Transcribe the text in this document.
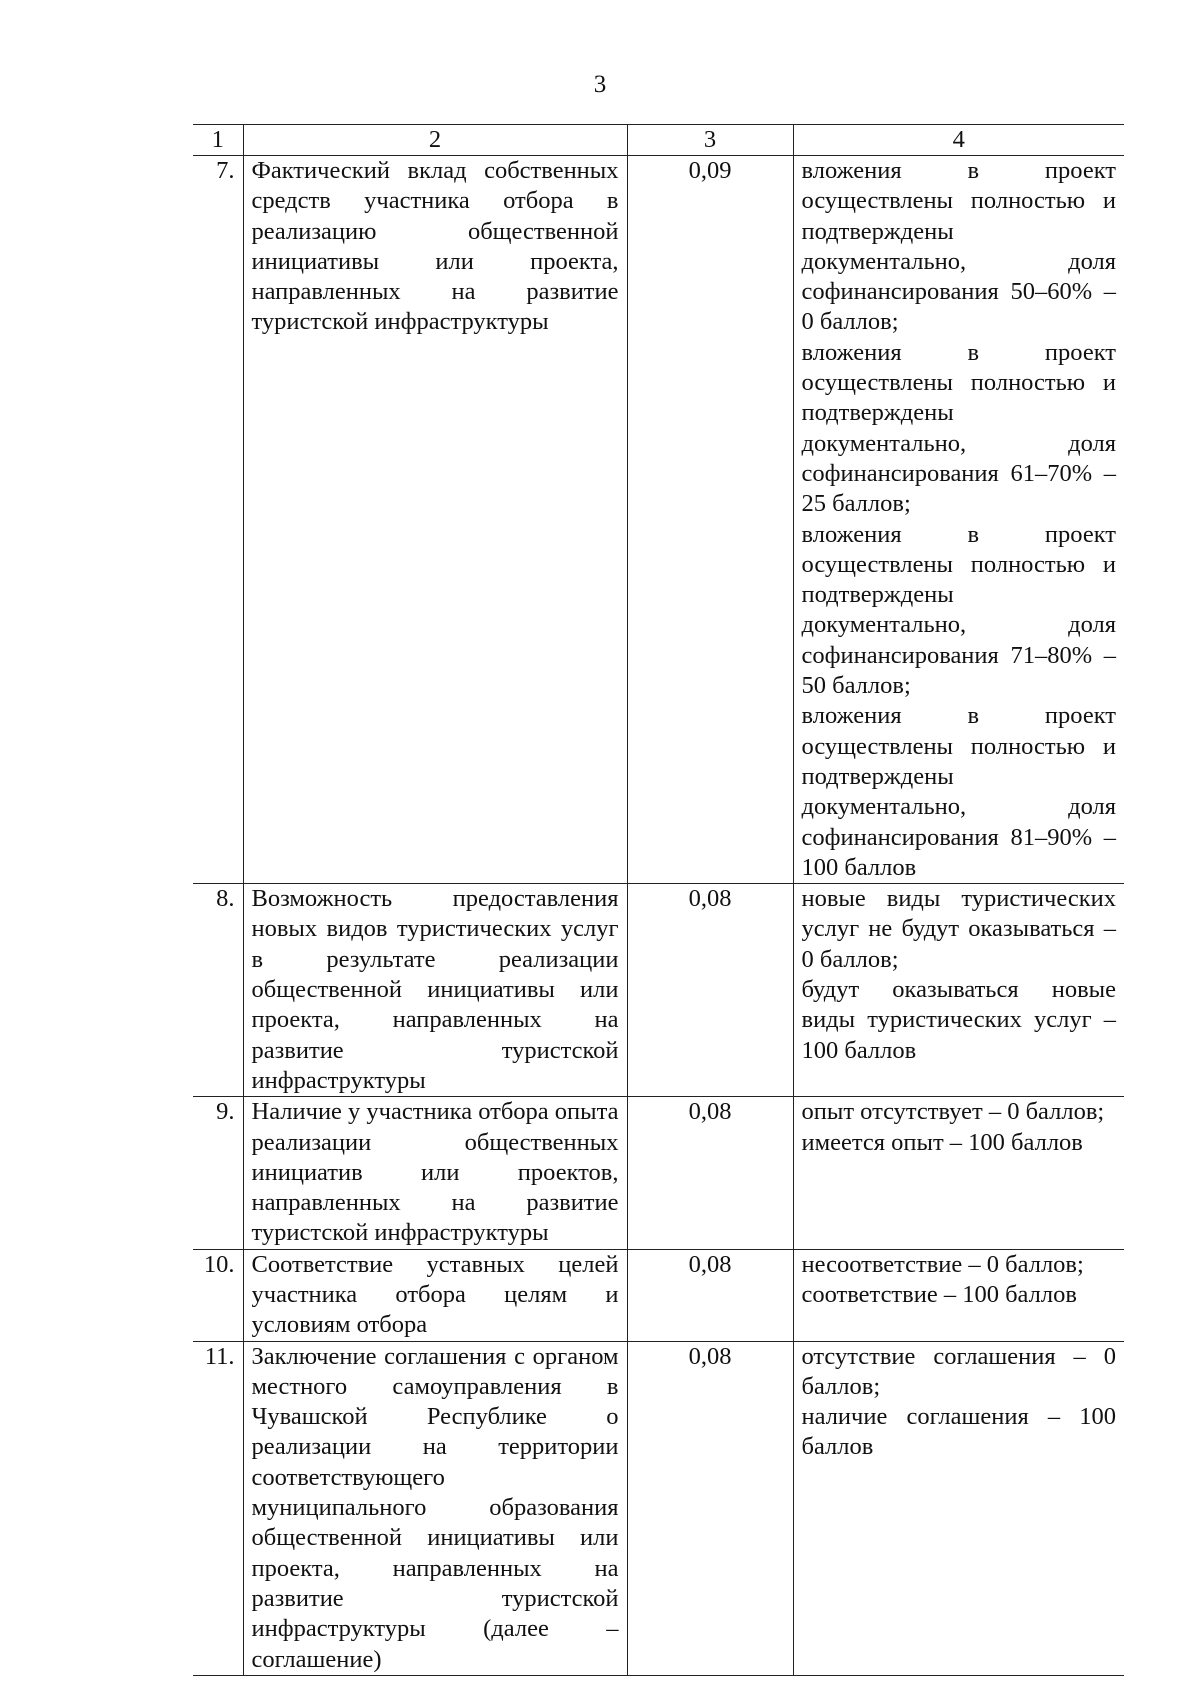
3
1	2	3	4
7.	Фактический вклад собственных средств участника отбора в реализацию общественной инициативы или проекта, направленных на развитие туристской инфраструктуры	0,09	вложения в проект осуществлены полностью и подтверждены документально, доля софинансирования 50–60% – 0 баллов;
вложения в проект осуществлены полностью и подтверждены документально, доля софинансирования 61–70% – 25 баллов;
вложения в проект осуществлены полностью и подтверждены документально, доля софинансирования 71–80% – 50 баллов;
вложения в проект осуществлены полностью и подтверждены документально, доля софинансирования 81–90% – 100 баллов

8.	Возможность предоставления новых видов туристических услуг в результате реализации общественной инициативы или проекта, направленных на развитие туристской инфраструктуры	0,08	новые виды туристических услуг не будут оказываться – 0 баллов;
будут оказываться новые виды туристических услуг – 100 баллов

9.	Наличие у участника отбора опыта реализации общественных инициатив или проектов, направленных на развитие туристской инфраструктуры	0,08	опыт отсутствует – 0 баллов;
имеется опыт – 100 баллов

10.	Соответствие уставных целей участника отбора целям и условиям отбора	0,08	несоответствие – 0 баллов;
соответствие – 100 баллов

11.	Заключение соглашения с органом местного самоуправления в Чувашской Республике о реализации на территории соответствующего муниципального образования общественной инициативы или проекта, направленных на развитие туристской инфраструктуры (далее – соглашение)	0,08	отсутствие соглашения – 0 баллов;
наличие соглашения – 100 баллов
